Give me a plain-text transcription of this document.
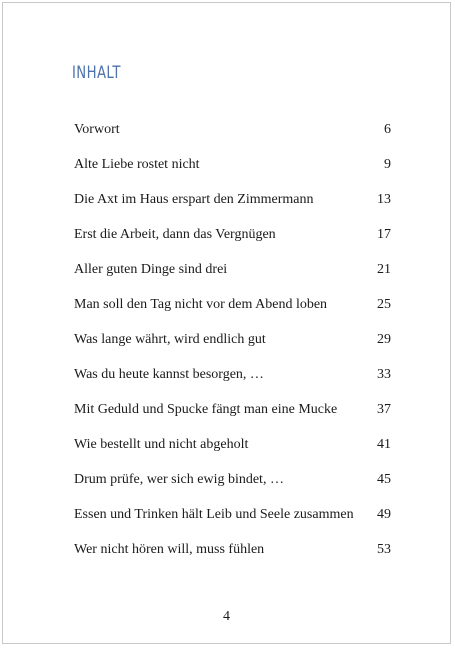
INHALT
Vorwort	6
Alte Liebe rostet nicht	9
Die Axt im Haus erspart den Zimmermann	13
Erst die Arbeit, dann das Vergnügen	17
Aller guten Dinge sind drei	21
Man soll den Tag nicht vor dem Abend loben	25
Was lange währt, wird endlich gut	29
Was du heute kannst besorgen, …	33
Mit Geduld und Spucke fängt man eine Mucke	37
Wie bestellt und nicht abgeholt	41
Drum prüfe, wer sich ewig bindet, …	45
Essen und Trinken hält Leib und Seele zusammen 49
Wer nicht hören will, muss fühlen	53
4
